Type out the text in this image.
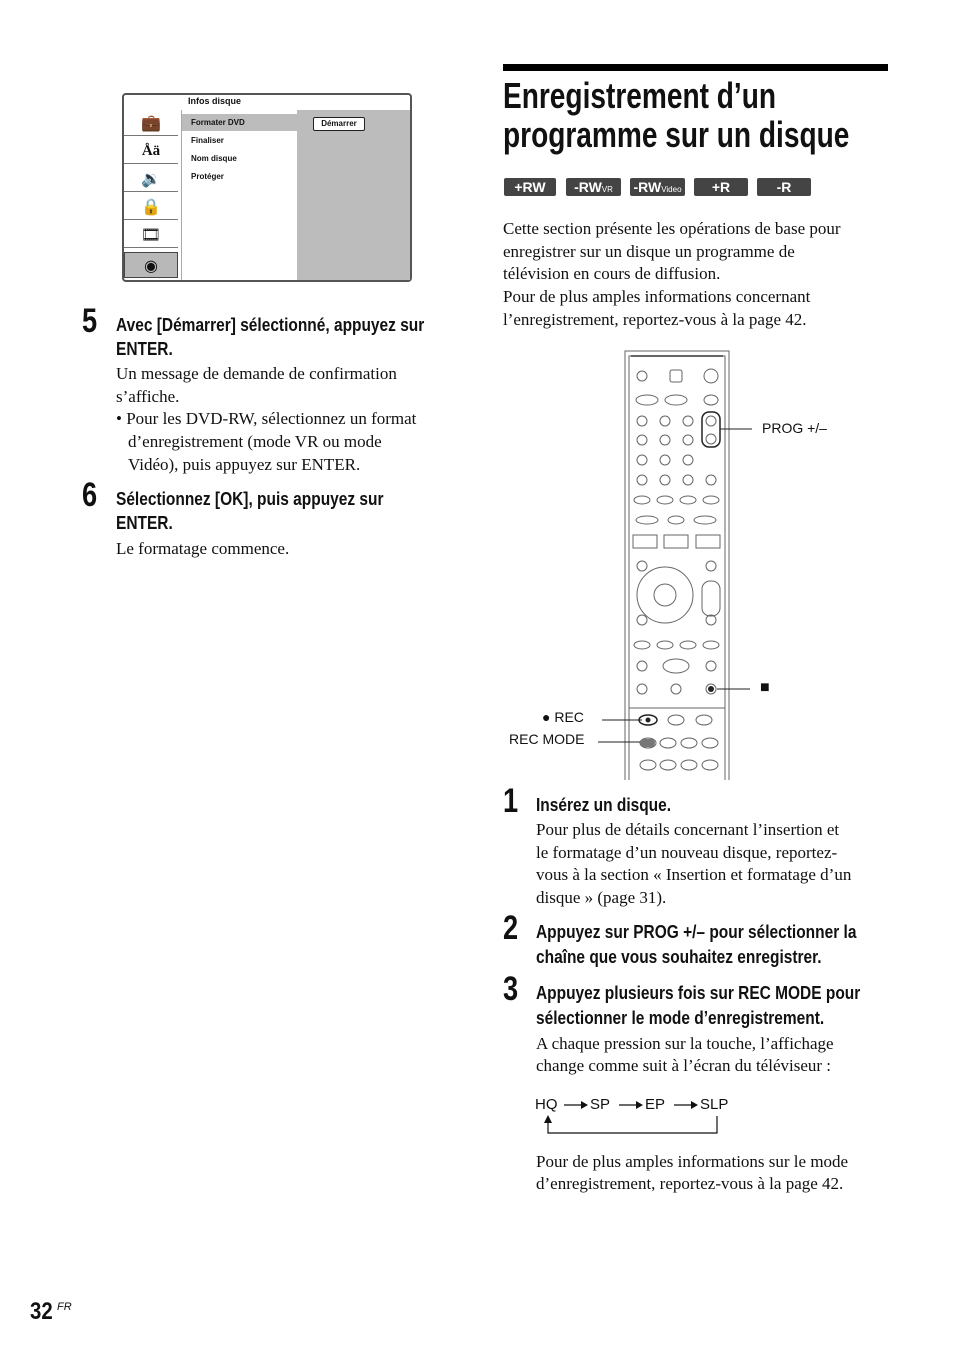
Infos disque
💼
Åä
🔉
🔒
🎞
◉
Formater DVD
Finaliser
Nom disque
Protéger
Démarrer
5 Avec [Démarrer] sélectionné, appuyez sur
ENTER.
Un message de demande de confirmation
s’affiche.
• Pour les DVD-RW, sélectionnez un format
d’enregistrement (mode VR ou mode
Vidéo), puis appuyez sur ENTER.
6 Sélectionnez [OK], puis appuyez sur
ENTER.
Le formatage commence.
Enregistrement d’un
programme sur un disque
+RW	-RWVR	-RWVideo	+R	-R
Cette section présente les opérations de base pour
enregistrer sur un disque un programme de
télévision en cours de diffusion.
Pour de plus amples informations concernant
l’enregistrement, reportez-vous à la page 42.
PROG +/–
■
● REC
REC MODE
1 Insérez un disque.
Pour plus de détails concernant l’insertion et
le formatage d’un nouveau disque, reportez-
vous à la section « Insertion et formatage d’un
disque » (page 31).
2 Appuyez sur PROG +/– pour sélectionner la
chaîne que vous souhaitez enregistrer.
3 Appuyez plusieurs fois sur REC MODE pour
sélectionner le mode d’enregistrement.
A chaque pression sur la touche, l’affichage
change comme suit à l’écran du téléviseur :
HQ SP EP SLP
Pour de plus amples informations sur le mode
d’enregistrement, reportez-vous à la page 42.
32 FR
